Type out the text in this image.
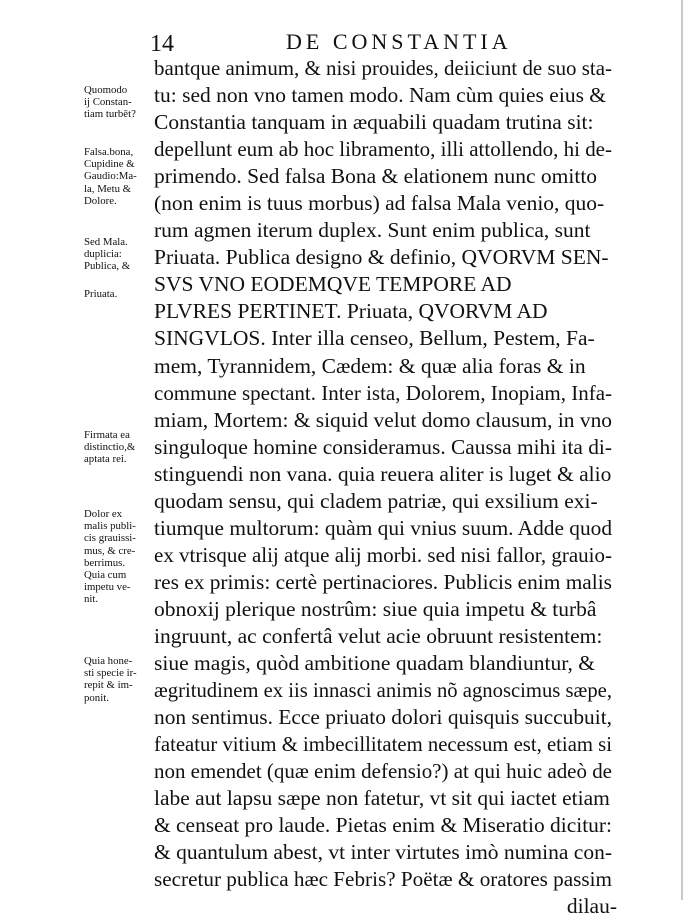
14	DE CONSTANTIA
Quomodo
ij Constan-
tiam turbēt?
Falsa.bona,
Cupidine &
Gaudio:Ma-
la, Metu &
Dolore.
Sed Mala.
duplicia:
Publica, &
Priuata.
Firmata ea
distinctio,&
aptata rei.
Dolor ex
malis publi-
cis grauissi-
mus, & cre-
berrimus.
Quia cum
impetu ve-
nit.
Quia hone-
sti specie ir-
repit & im-
ponit.
bantque animum, & nisi prouides, deiiciunt de suo sta-
tu: sed non vno tamen modo. Nam cùm quies eius &
Constantia tanquam in æquabili quadam trutina sit:
depellunt eum ab hoc libramento, illi attollendo, hi de-
primendo. Sed falsa Bona & elationem nunc omitto
(non enim is tuus morbus) ad falsa Mala venio, quo-
rum agmen iterum duplex. Sunt enim publica, sunt
Priuata. Publica designo & definio, QVORVM SEN-
SVS VNO EODEMQVE TEMPORE AD
PLVRES PERTINET. Priuata, QVORVM AD
SINGVLOS. Inter illa censeo, Bellum, Pestem, Fa-
mem, Tyrannidem, Cædem: & quæ alia foras & in
commune spectant. Inter ista, Dolorem, Inopiam, Infa-
miam, Mortem: & siquid velut domo clausum, in vno
singuloque homine consideramus. Caussa mihi ita di-
stinguendi non vana. quia reuera aliter is luget & alio
quodam sensu, qui cladem patriæ, qui exsilium exi-
tiumque multorum: quàm qui vnius suum. Adde quod
ex vtrisque alij atque alij morbi. sed nisi fallor, grauio-
res ex primis: certè pertinaciores. Publicis enim malis
obnoxij plerique nostrûm: siue quia impetu & turbâ
ingruunt, ac confertâ velut acie obruunt resistentem:
siue magis, quòd ambitione quadam blandiuntur, &
ægritudinem ex iis innasci animis nõ agnoscimus sæpe,
non sentimus. Ecce priuato dolori quisquis succubuit,
fateatur vitium & imbecillitatem necessum est, etiam si
non emendet (quæ enim defensio?) at qui huic adeò de
labe aut lapsu sæpe non fatetur, vt sit qui iactet etiam
& censeat pro laude. Pietas enim & Miseratio dicitur:
& quantulum abest, vt inter virtutes imò numina con-
secretur publica hæc Febris? Poëtæ & oratores passim
dilau-
